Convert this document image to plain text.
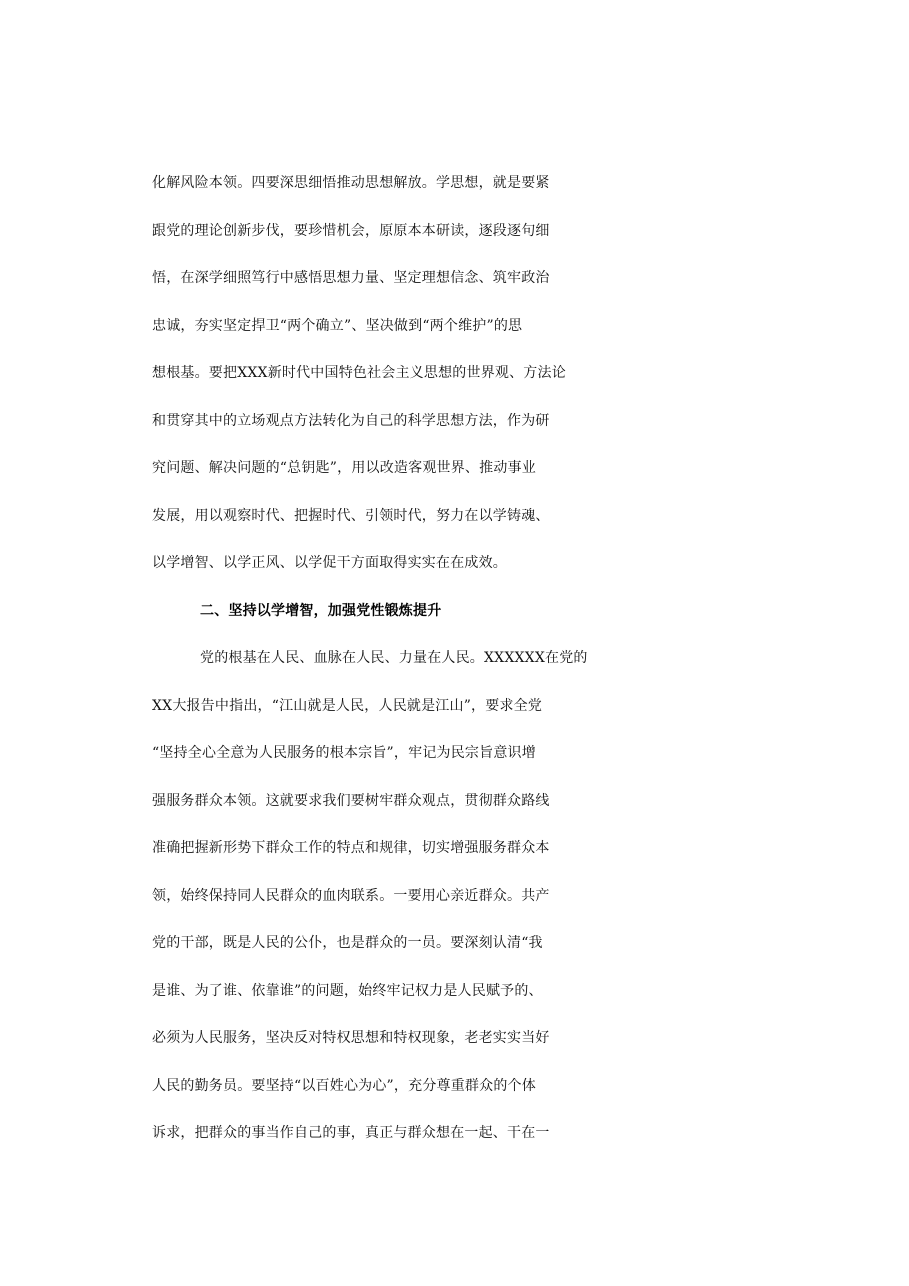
化解风险本领。四要深思细悟推动思想解放。学思想，就是要紧
跟党的理论创新步伐，要珍惜机会，原原本本研读，逐段逐句细
悟，在深学细照笃行中感悟思想力量、坚定理想信念、筑牢政治
忠诚，夯实坚定捍卫“两个确立”、坚决做到“两个维护”的思
想根基。要把XXX新时代中国特色社会主义思想的世界观、方法论
和贯穿其中的立场观点方法转化为自己的科学思想方法，作为研
究问题、解决问题的“总钥匙”，用以改造客观世界、推动事业
发展，用以观察时代、把握时代、引领时代，努力在以学铸魂、
以学增智、以学正风、以学促干方面取得实实在在成效。
二、坚持以学增智，加强党性锻炼提升
党的根基在人民、血脉在人民、力量在人民。XXXXXX在党的
XX大报告中指出，“江山就是人民，人民就是江山”，要求全党
“坚持全心全意为人民服务的根本宗旨”，牢记为民宗旨意识增
强服务群众本领。这就要求我们要树牢群众观点，贯彻群众路线
准确把握新形势下群众工作的特点和规律，切实增强服务群众本
领，始终保持同人民群众的血肉联系。一要用心亲近群众。共产
党的干部，既是人民的公仆，也是群众的一员。要深刻认清“我
是谁、为了谁、依靠谁”的问题，始终牢记权力是人民赋予的、
必须为人民服务，坚决反对特权思想和特权现象，老老实实当好
人民的勤务员。要坚持“以百姓心为心”，充分尊重群众的个体
诉求，把群众的事当作自己的事，真正与群众想在一起、干在一
